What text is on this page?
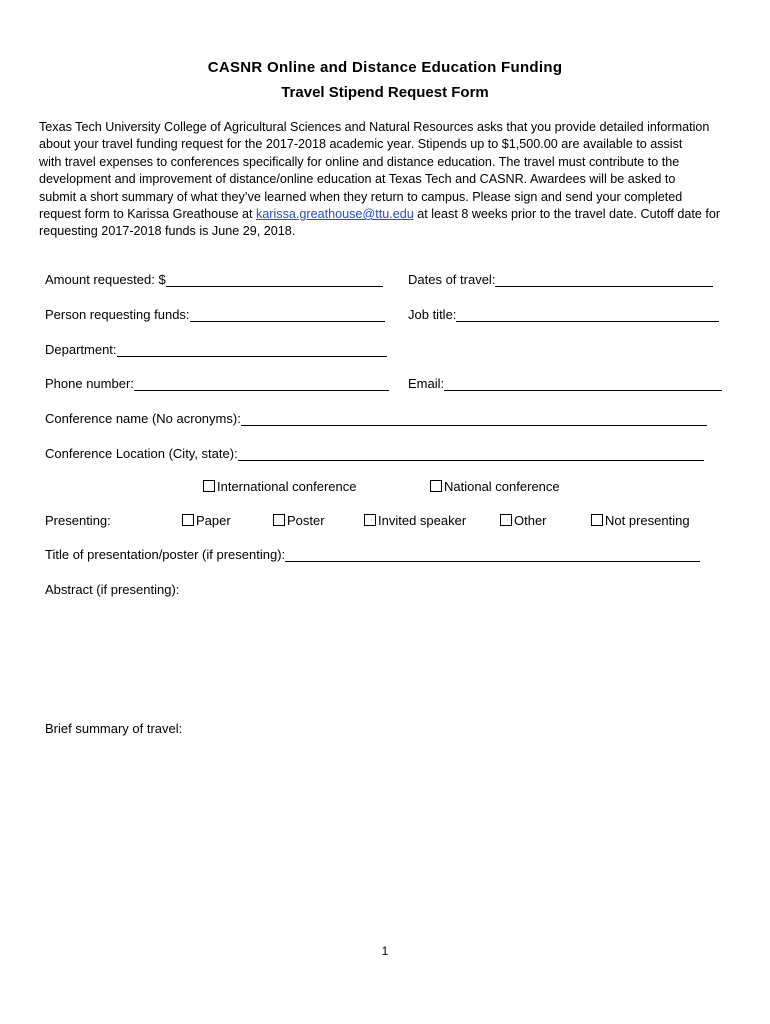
CASNR Online and Distance Education Funding
Travel Stipend Request Form
Texas Tech University College of Agricultural Sciences and Natural Resources asks that you provide detailed information
about your travel funding request for the 2017-2018 academic year. Stipends up to $1,500.00 are available to assist
with travel expenses to conferences specifically for online and distance education. The travel must contribute to the
development and improvement of distance/online education at Texas Tech and CASNR. Awardees will be asked to
submit a short summary of what they’ve learned when they return to campus. Please sign and send your completed
request form to Karissa Greathouse at karissa.greathouse@ttu.edu at least 8 weeks prior to the travel date. Cutoff date for
requesting 2017-2018 funds is June 29, 2018.
Amount requested: $	Dates of travel:
Person requesting funds:	Job title:
Department:
Phone number:	Email:
Conference name (No acronyms):
Conference Location (City, state):
International conference	National conference
Presenting:	Paper	Poster	Invited speaker	Other	Not presenting
Title of presentation/poster (if presenting):
Abstract (if presenting):
Brief summary of travel:
1
